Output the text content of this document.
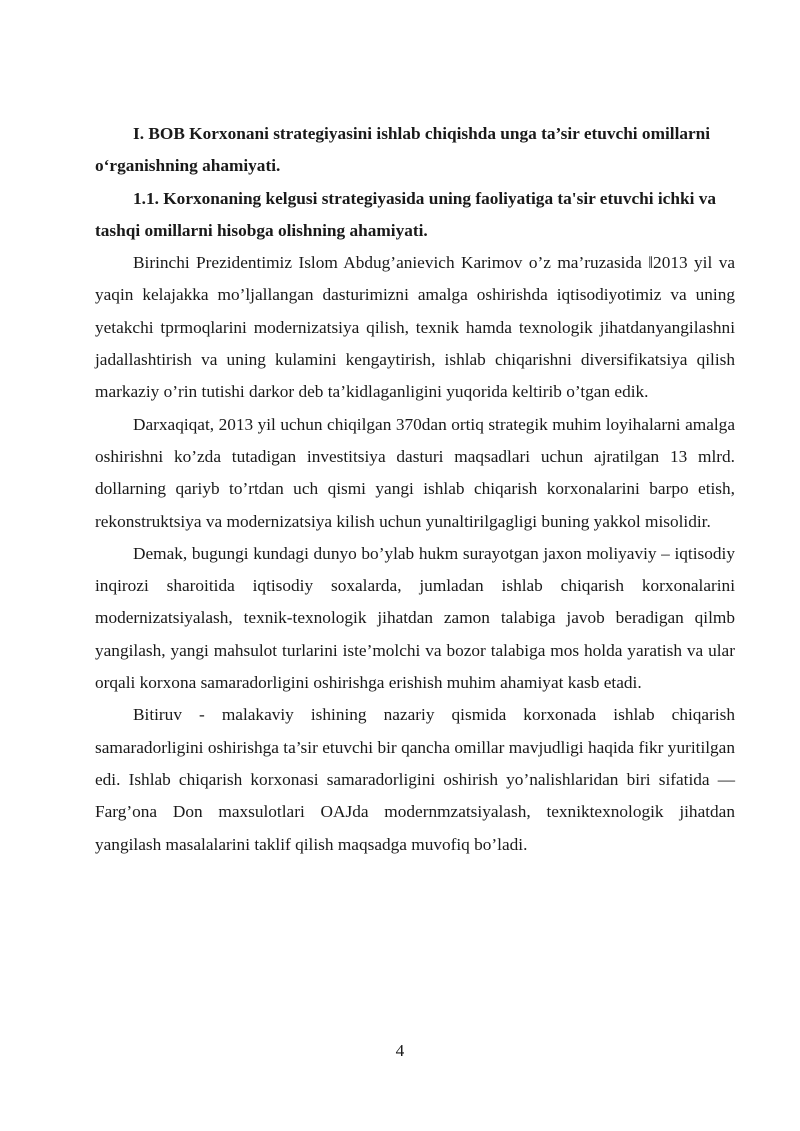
I. BOB Korxonani strategiyasini ishlab chiqishda unga ta’sir etuvchi omillarni o‘rganishning ahamiyati.
1.1. Korxonaning kelgusi strategiyasida uning faoliyatiga ta'sir etuvchi ichki va tashqi omillarni hisobga olishning ahamiyati.

Birinchi Prezidentimiz Islom Abdug’anievich Karimov o’z ma’ruzasida ‖2013 yil va yaqin kelajakka mo’ljallangan dasturimizni amalga oshirishda iqtisodiyotimiz va uning yetakchi tprmoqlarini modernizatsiya qilish, texnik hamda texnologik jihatdanyangilashni jadallashtirish va uning kulamini kengaytirish, ishlab chiqarishni diversifikatsiya qilish markaziy o’rin tutishi darkor deb ta’kidlaganligini yuqorida keltirib o’tgan edik.

Darxaqiqat, 2013 yil uchun chiqilgan 370dan ortiq strategik muhim loyihalarni amalga oshirishni ko’zda tutadigan investitsiya dasturi maqsadlari uchun ajratilgan 13 mlrd. dollarning qariyb to’rtdan uch qismi yangi ishlab chiqarish korxonalarini barpo etish, rekonstruktsiya va modernizatsiya kilish uchun yunaltirilgagligi buning yakkol misolidir.

Demak, bugungi kundagi dunyo bo’ylab hukm surayotgan jaxon moliyaviy – iqtisodiy inqirozi sharoitida iqtisodiy soxalarda, jumladan ishlab chiqarish korxonalarini modernizatsiyalash, texnik-texnologik jihatdan zamon talabiga javob beradigan qilmb yangilash, yangi mahsulot turlarini iste’molchi va bozor talabiga mos holda yaratish va ular orqali korxona samaradorligini oshirishga erishish muhim ahamiyat kasb etadi.

Bitiruv - malakaviy ishining nazariy qismida korxonada ishlab chiqarish samaradorligini oshirishga ta’sir etuvchi bir qancha omillar mavjudligi haqida fikr yuritilgan edi. Ishlab chiqarish korxonasi samaradorligini oshirish yo’nalishlaridan biri sifatida — Farg’ona Don maxsulotlari OAJda modernmzatsiyalash, texniktexnologik jihatdan yangilash masalalarini taklif qilish maqsadga muvofiq bo’ladi.

4
